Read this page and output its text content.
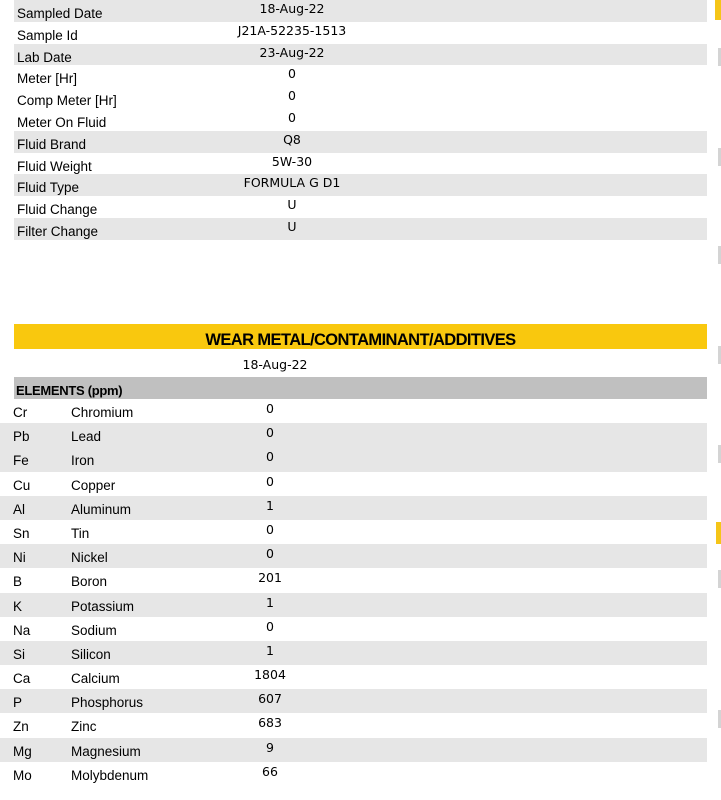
Sampled Date	18-Aug-22
Sample Id	J21A-52235-1513
Lab Date	23-Aug-22
Meter [Hr]	0
Comp Meter [Hr]	0
Meter On Fluid	0
Fluid Brand	Q8
Fluid Weight	5W-30
Fluid Type	FORMULA G D1
Fluid Change	U
Filter Change	U
WEAR METAL/CONTAMINANT/ADDITIVES
18-Aug-22
ELEMENTS (ppm)
Cr	Chromium	0
Pb	Lead	0
Fe	Iron	0
Cu	Copper	0
Al	Aluminum	1
Sn	Tin	0
Ni	Nickel	0
B	Boron	201
K	Potassium	1
Na	Sodium	0
Si	Silicon	1
Ca	Calcium	1804
P	Phosphorus	607
Zn	Zinc	683
Mg	Magnesium	9
Mo	Molybdenum	66
